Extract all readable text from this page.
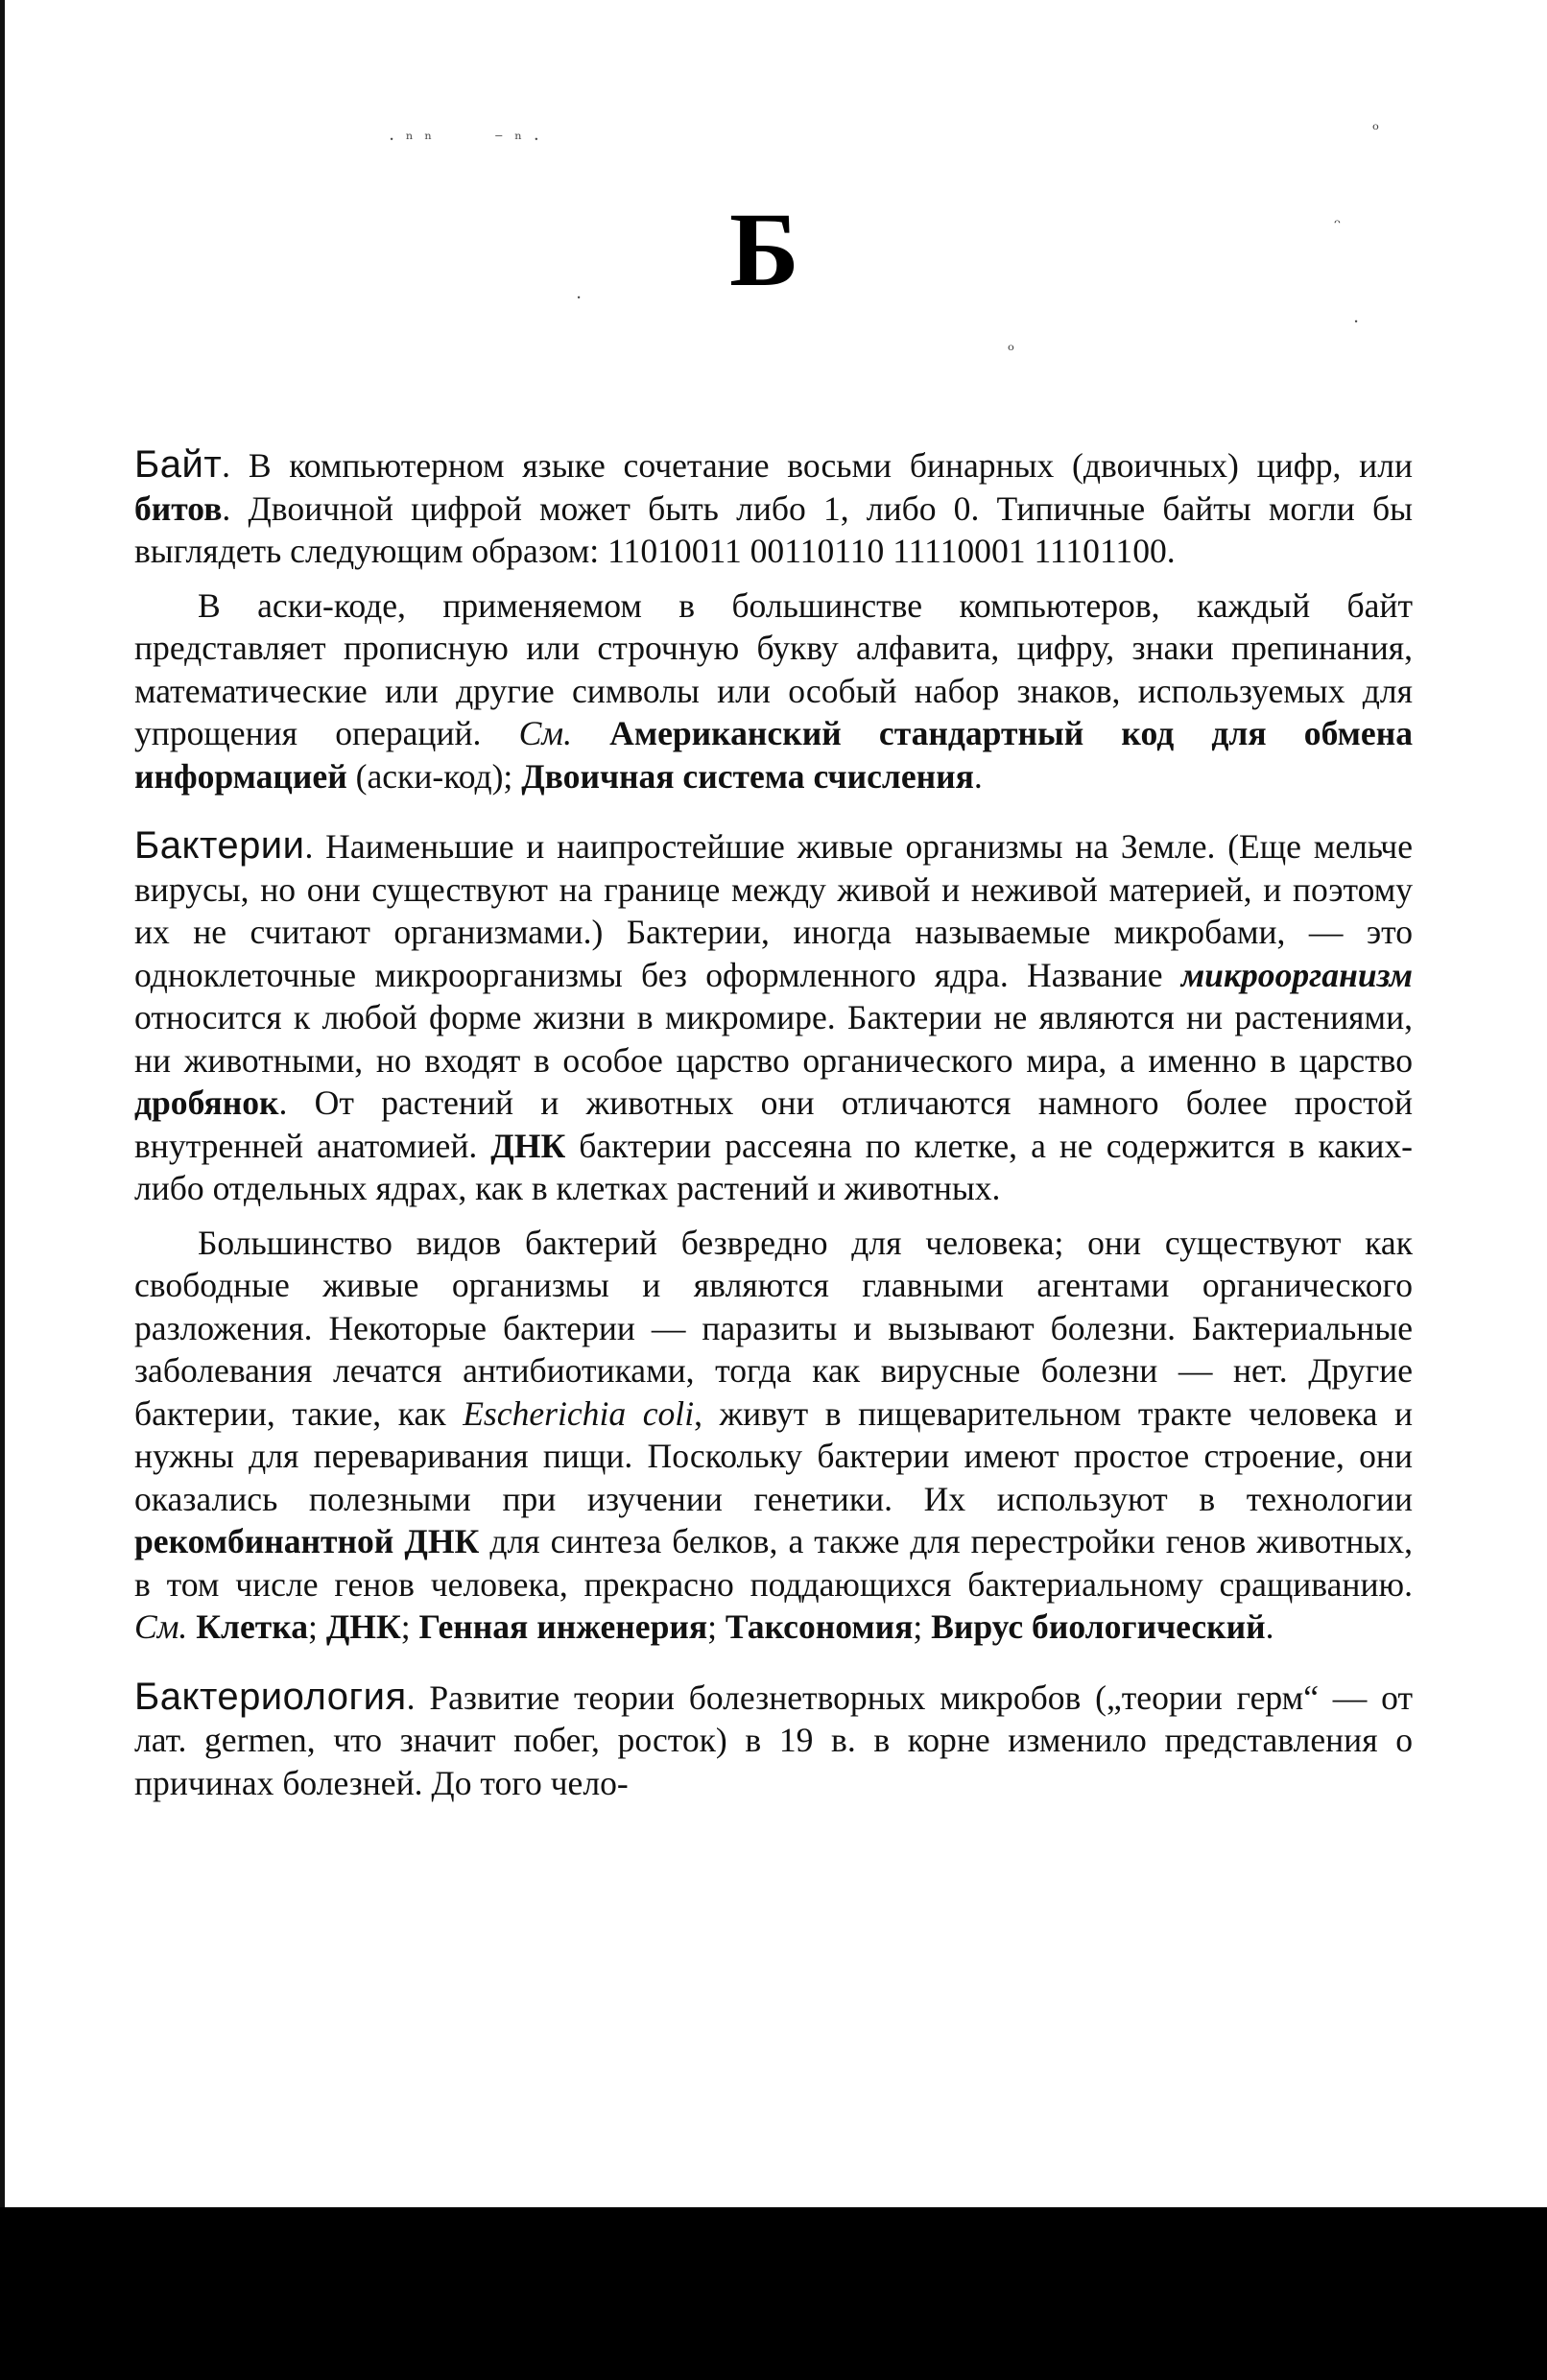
⋅ ⁿ ⁿ	⁻ ⁿ ⋅	ᵒ
⋅
ᵔ
ᵒ
⋅
Б

Байт. В компьютерном языке сочетание восьми бинарных (двоичных) цифр, или битов. Двоичной цифрой может быть либо 1, либо 0. Типичные байты могли бы выглядеть следующим образом: 11010011 00110110 11110001 11101100.

В аски-коде, применяемом в большинстве компьютеров, каждый байт представляет прописную или строчную букву алфавита, цифру, знаки препинания, математические или другие символы или особый набор знаков, используемых для упрощения операций. См. Американский стандартный код для обмена информацией (аски-код); Двоичная система счисления.

Бактерии. Наименьшие и наипростейшие живые организмы на Земле. (Еще мельче вирусы, но они существуют на границе между живой и неживой материей, и поэтому их не считают организмами.) Бактерии, иногда называемые микробами, — это одноклеточные микроорганизмы без оформленного ядра. Название микроорганизм относится к любой форме жизни в микромире. Бактерии не являются ни растениями, ни животными, но входят в особое царство органического мира, а именно в царство дробянок. От растений и животных они отличаются намного более простой внутренней анатомией. ДНК бактерии рассеяна по клетке, а не содержится в каких-либо отдельных ядрах, как в клетках растений и животных.

Большинство видов бактерий безвредно для человека; они существуют как свободные живые организмы и являются главными агентами органического разложения. Некоторые бактерии — паразиты и вызывают болезни. Бактериальные заболевания лечатся антибиотиками, тогда как вирусные болезни — нет. Другие бактерии, такие, как Escherichia coli, живут в пищеварительном тракте человека и нужны для переваривания пищи. Поскольку бактерии имеют простое строение, они оказались полезными при изучении генетики. Их используют в технологии рекомбинантной ДНК для синтеза белков, а также для перестройки генов животных, в том числе генов человека, прекрасно поддающихся бактериальному сращиванию. См. Клетка; ДНК; Генная инженерия; Таксономия; Вирус биологический.

Бактериология. Развитие теории болезнетворных микробов („теории герм“ — от лат. germen, что значит побег, росток) в 19 в. в корне изменило представления о причинах болезней. До того чело-
